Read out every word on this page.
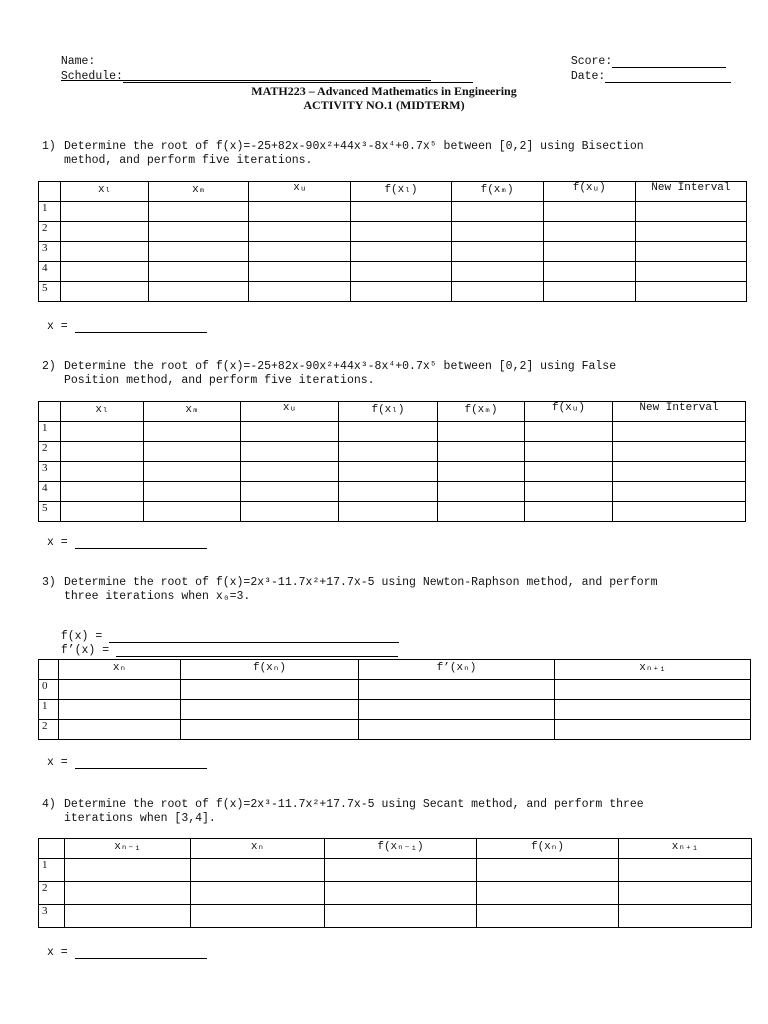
Name:

Schedule:

Score:

Date:

MATH223 – Advanced Mathematics in Engineering
ACTIVITY NO.1 (MIDTERM)
1) Determine the root of f(x)=-25+82x-90x²+44x³-8x⁴+0.7x⁵ between [0,2] using Bisection
method, and perform five iterations.
	xₗ	xₘ	xᵤ	f(xₗ)	f(xₘ)	f(xᵤ)	New Interval
1							
2							
3							
4							
5							
x =
2) Determine the root of f(x)=-25+82x-90x²+44x³-8x⁴+0.7x⁵ between [0,2] using False
Position method, and perform five iterations.
	xₗ	xₘ	xᵤ	f(xₗ)	f(xₘ)	f(xᵤ)	New Interval
1							
2							
3							
4							
5							
x =
3) Determine the root of f(x)=2x³-11.7x²+17.7x-5 using Newton-Raphson method, and perform
three iterations when x₀=3.

f(x) =

f’(x) =

	xₙ	f(xₙ)	f’(xₙ)	xₙ₊₁
0				
1				
2				
x =
4) Determine the root of f(x)=2x³-11.7x²+17.7x-5 using Secant method, and perform three
iterations when [3,4].
	xₙ₋₁	xₙ	f(xₙ₋₁)	f(xₙ)	xₙ₊₁
1					
2					
3					
x =
